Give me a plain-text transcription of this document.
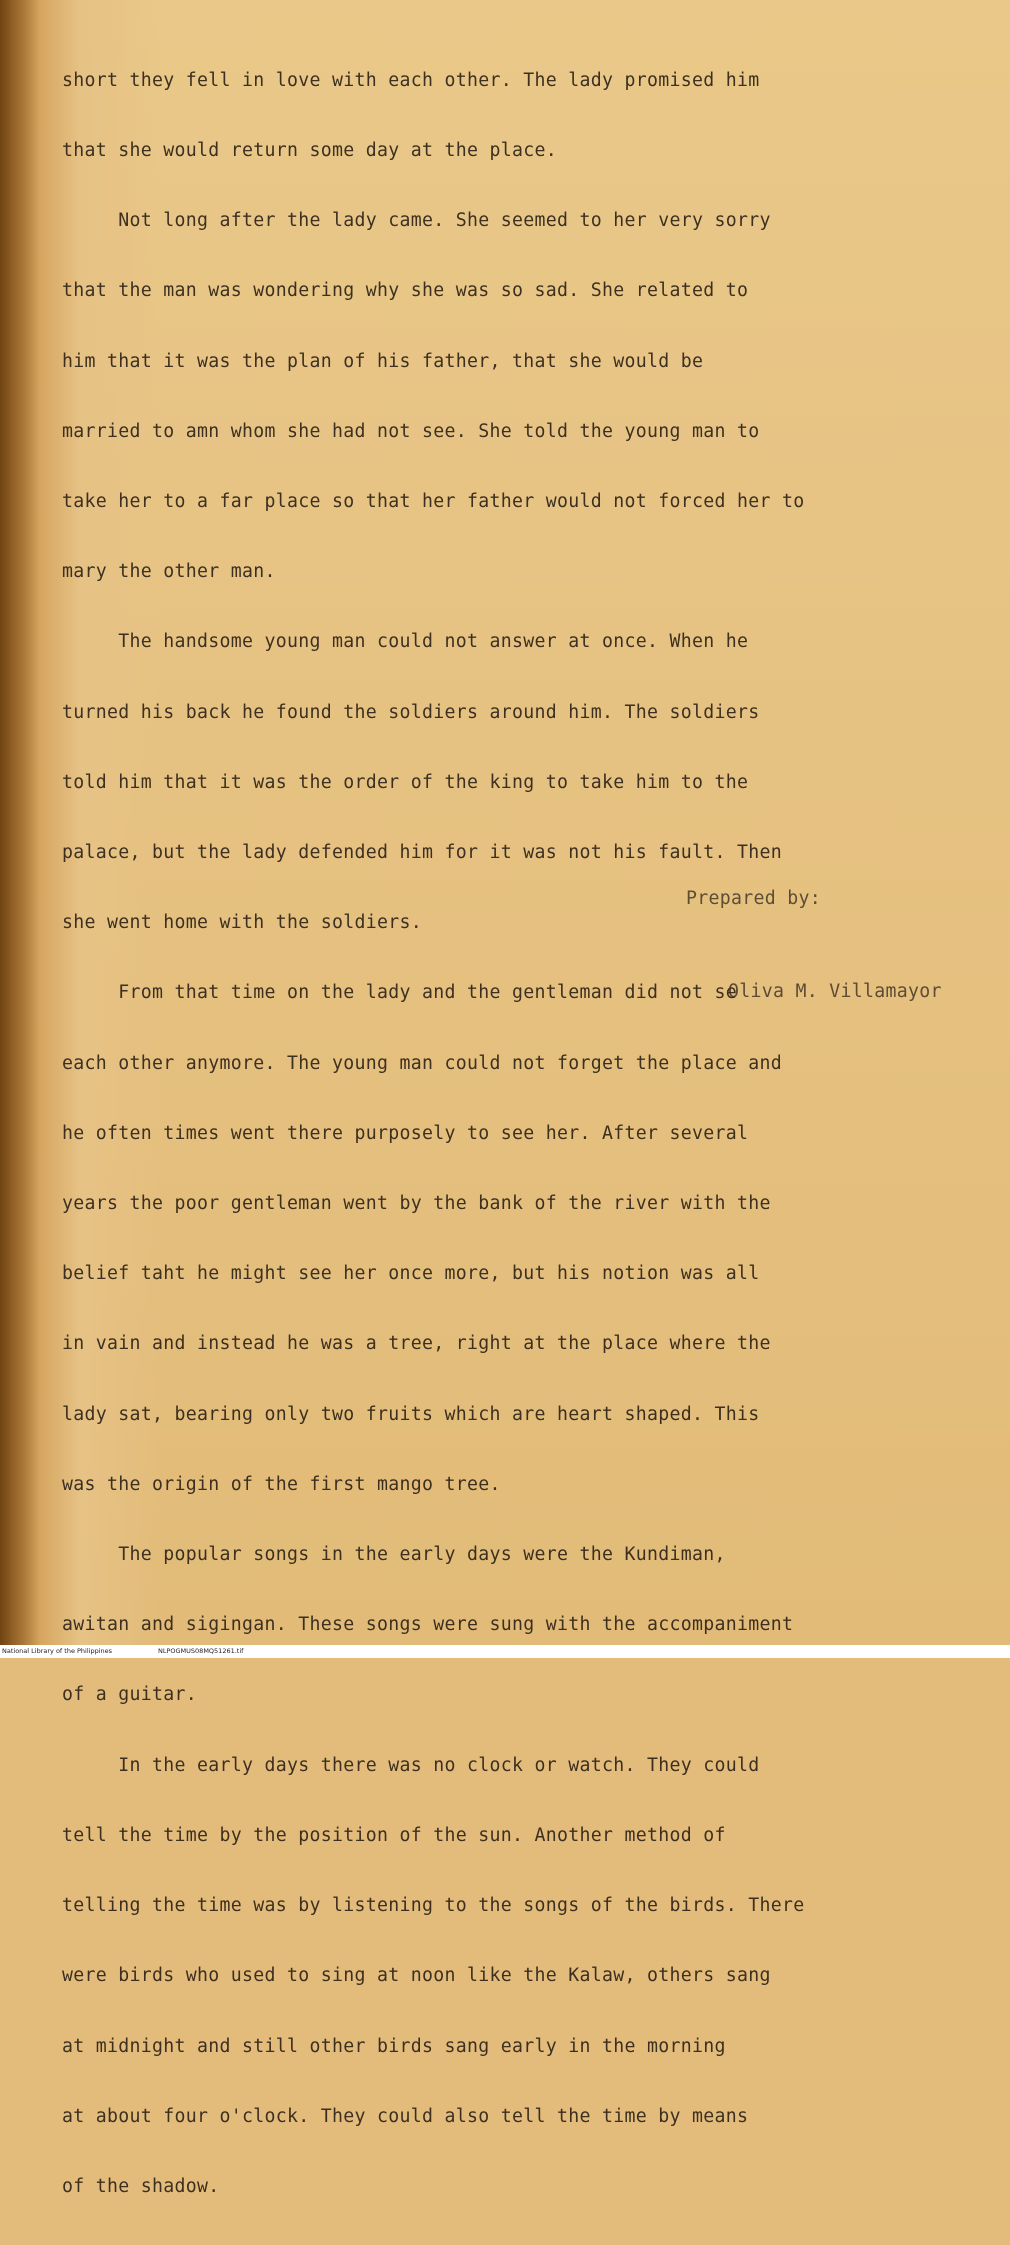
short they fell in love with each other. The lady promised him

that she would return some day at the place.

Not long after the lady came. She seemed to her very sorry

that the man was wondering why she was so sad. She related to

him that it was the plan of his father, that she would be

married to amn whom she had not see. She told the young man to

take her to a far place so that her father would not forced her to

mary the other man.

The handsome young man could not answer at once. When he

turned his back he found the soldiers around him. The soldiers

told him that it was the order of the king to take him to the

palace, but the lady defended him for it was not his fault. Then

she went home with the soldiers.

From that time on the lady and the gentleman did not se

each other anymore. The young man could not forget the place and

he often times went there purposely to see her. After several

years the poor gentleman went by the bank of the river with the

belief taht he might see her once more, but his notion was all

in vain and instead he was a tree, right at the place where the

lady sat, bearing only two fruits which are heart shaped. This

was the origin of the first mango tree.

The popular songs in the early days were the Kundiman,

awitan and sigingan. These songs were sung with the accompaniment

of a guitar.

In the early days there was no clock or watch. They could

tell the time by the position of the sun. Another method of

telling the time was by listening to the songs of the birds. There

were birds who used to sing at noon like the Kalaw, others sang

at midnight and still other birds sang early in the morning

at about four o'clock. They could also tell the time by means

of the shadow.

Prepared by:
Oliva M. Villamayor
National Library of the Philippines	NLPOGMUS08MQ51261.tif
